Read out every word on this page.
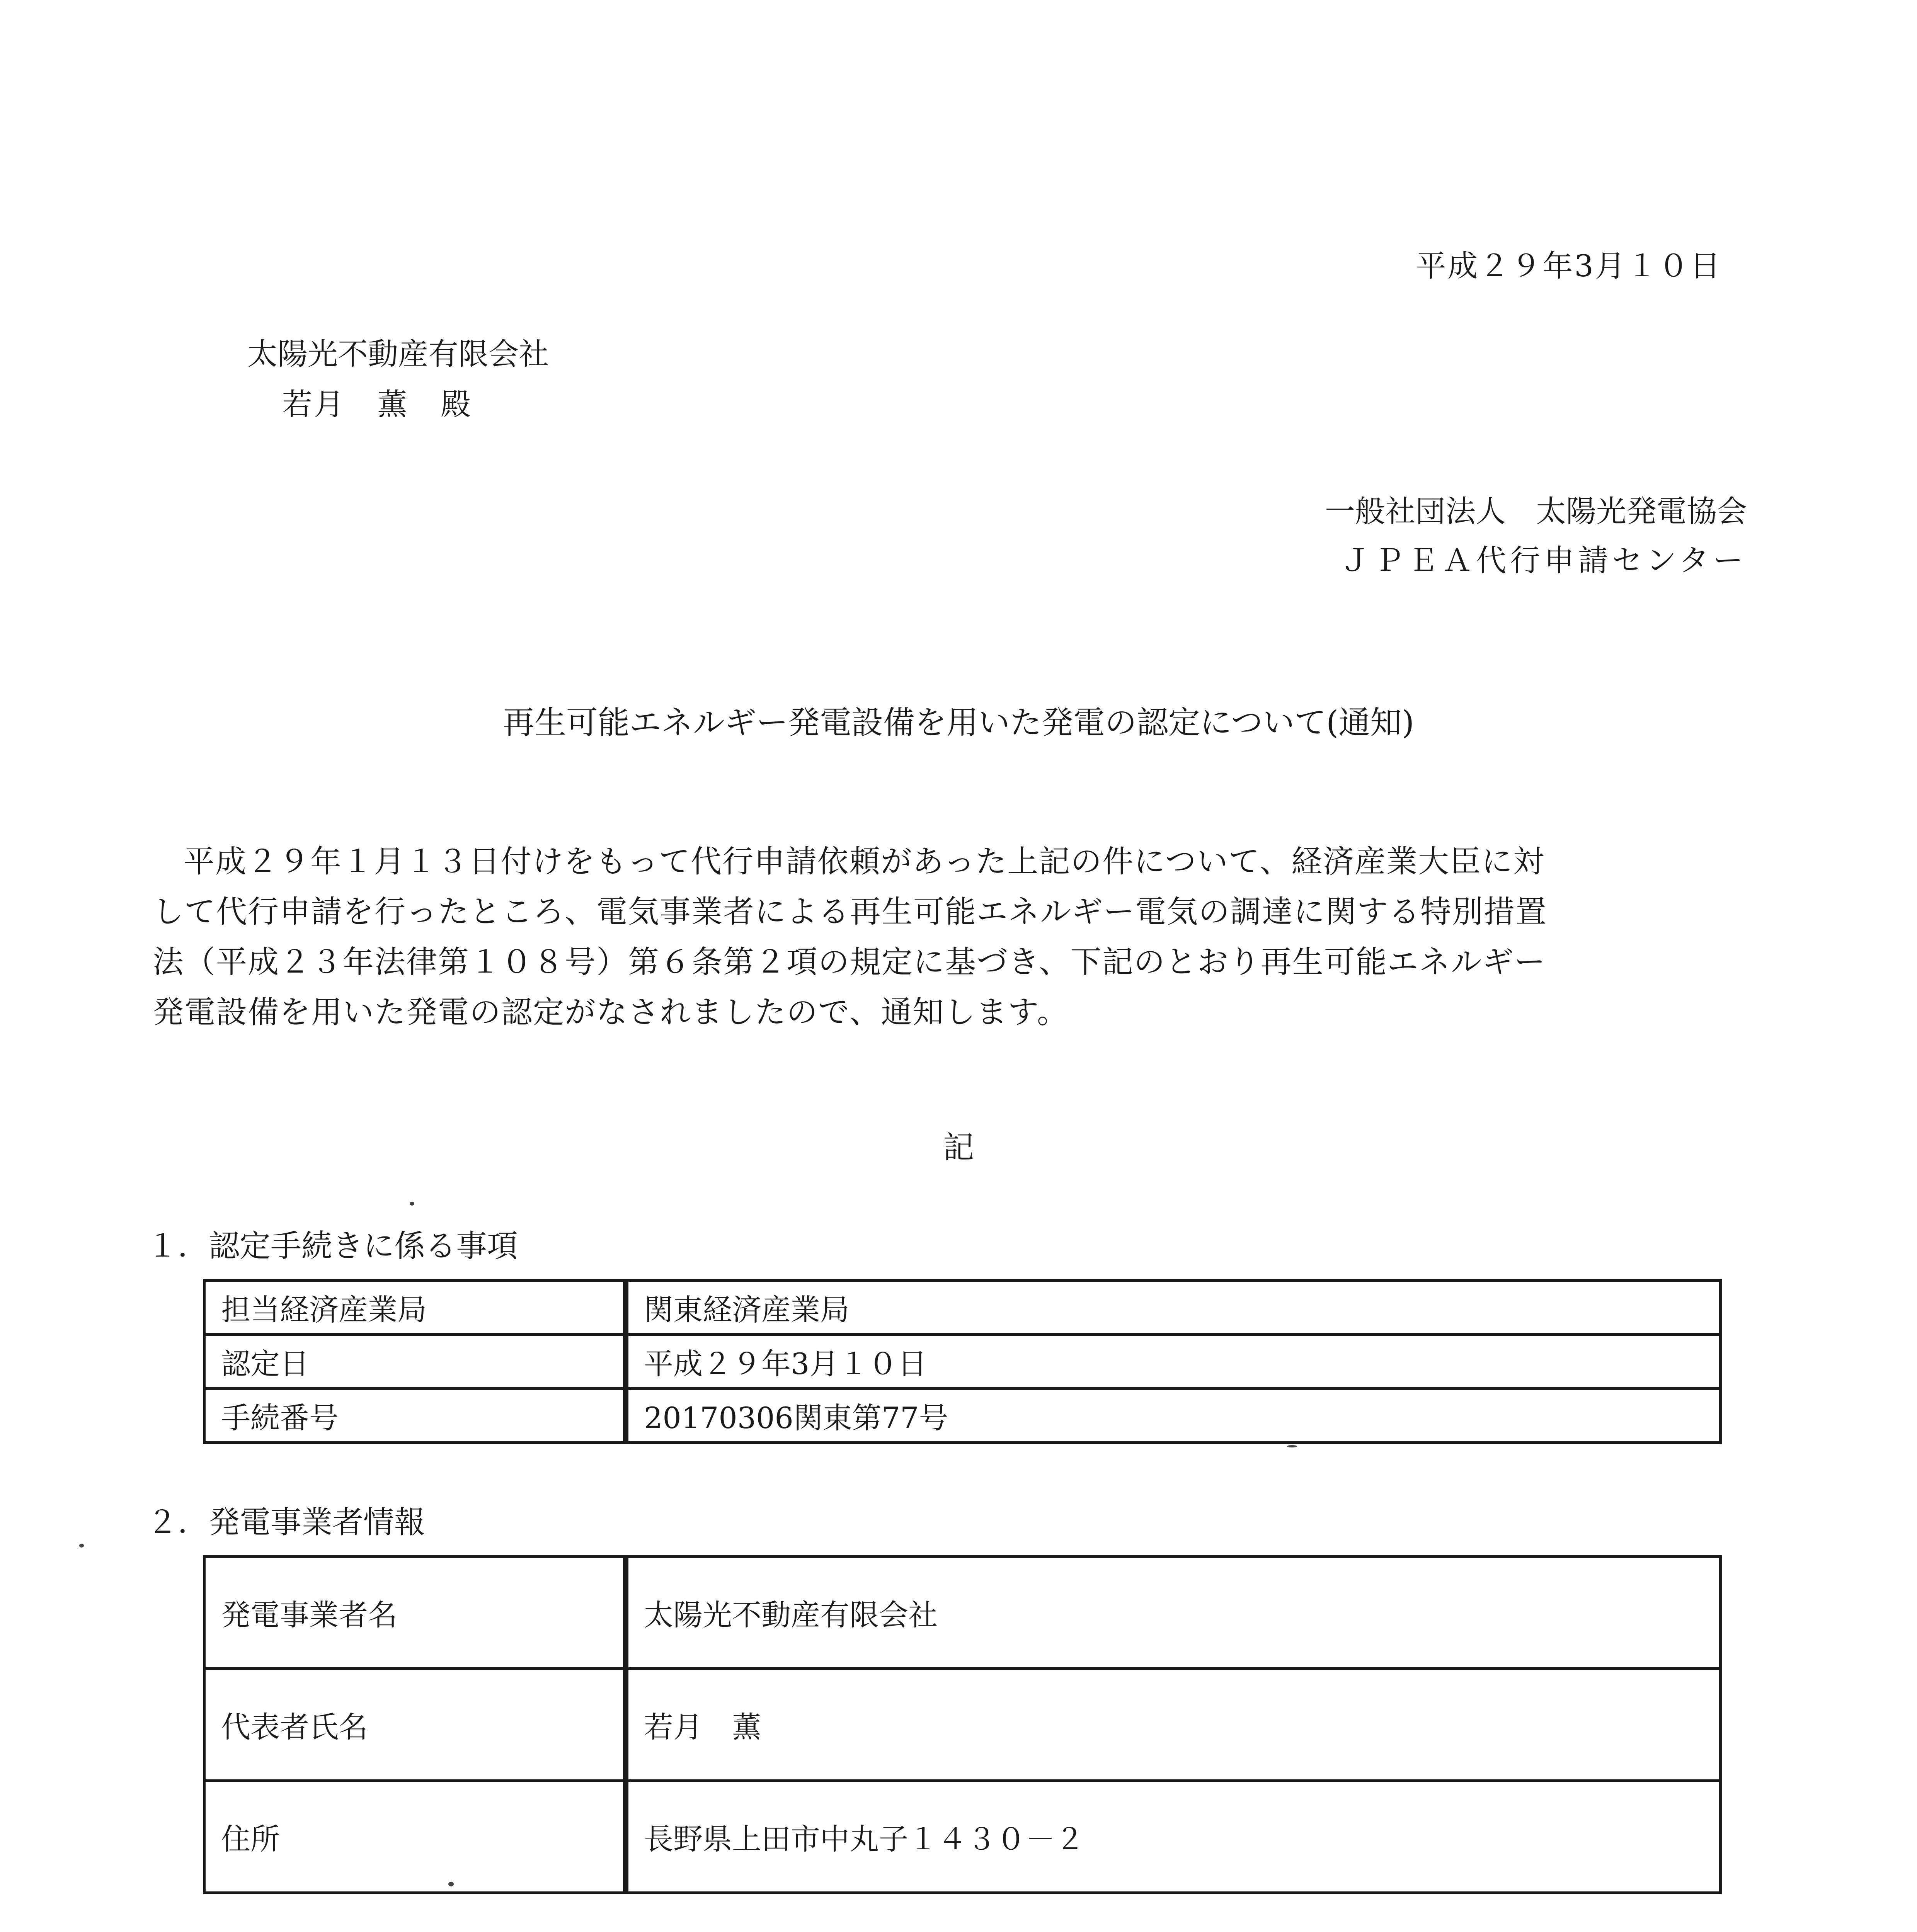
平成２９年3月１０日
太陽光不動産有限会社
若月　薫　殿
一般社団法人　太陽光発電協会
ＪＰＥＡ代行申請センター
再生可能エネルギー発電設備を用いた発電の認定について(通知)
平成２９年１月１３日付けをもって代行申請依頼があった上記の件について、経済産業大臣に対
して代行申請を行ったところ、電気事業者による再生可能エネルギー電気の調達に関する特別措置
法（平成２３年法律第１０８号）第６条第２項の規定に基づき、下記のとおり再生可能エネルギー
発電設備を用いた発電の認定がなされましたので、通知します。
記
１．認定手続きに係る事項
担当経済産業局	関東経済産業局
認定日	平成２９年3月１０日
手続番号	20170306関東第77号
２．発電事業者情報
発電事業者名	太陽光不動産有限会社
代表者氏名	若月　薫
住所	長野県上田市中丸子１４３０－２
